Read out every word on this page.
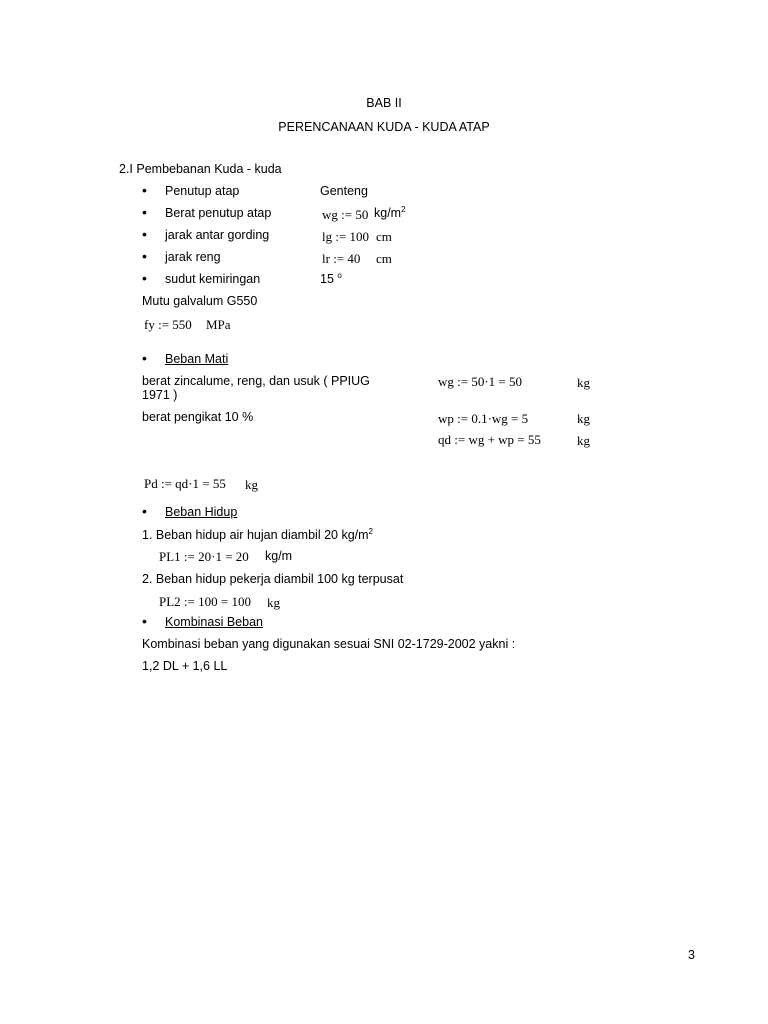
BAB II
PERENCANAAN KUDA - KUDA ATAP
2.I Pembebanan Kuda - kuda
• Penutup atap	Genteng
• Berat penutup atap	wg := 50 $kg/m^2$
• jarak antar gording	lg := 100 cm
• jarak reng	lr := 40 cm
• sudut kemiringan	15 $^o$
Mutu galvalum G550
fy := 550 MPa
• Beban Mati
berat zincalume, reng, dan usuk ( PPIUG
1971 )
wg := 50·1 = 50	kg
berat pengikat 10 %	wp := 0.1·wg = 5	kg
qd := wg + wp = 55	kg
Pd := qd·1 = 55 kg
• Beban Hidup
1. Beban hidup air hujan diambil 20 $kg/m^2$
PL1 := 20·1 = 20 kg/m
2. Beban hidup pekerja diambil 100 kg terpusat
PL2 := 100 = 100 kg
• Kombinasi Beban
Kombinasi beban yang digunakan sesuai SNI 02-1729-2002 yakni :
1,2 DL + 1,6 LL
3
